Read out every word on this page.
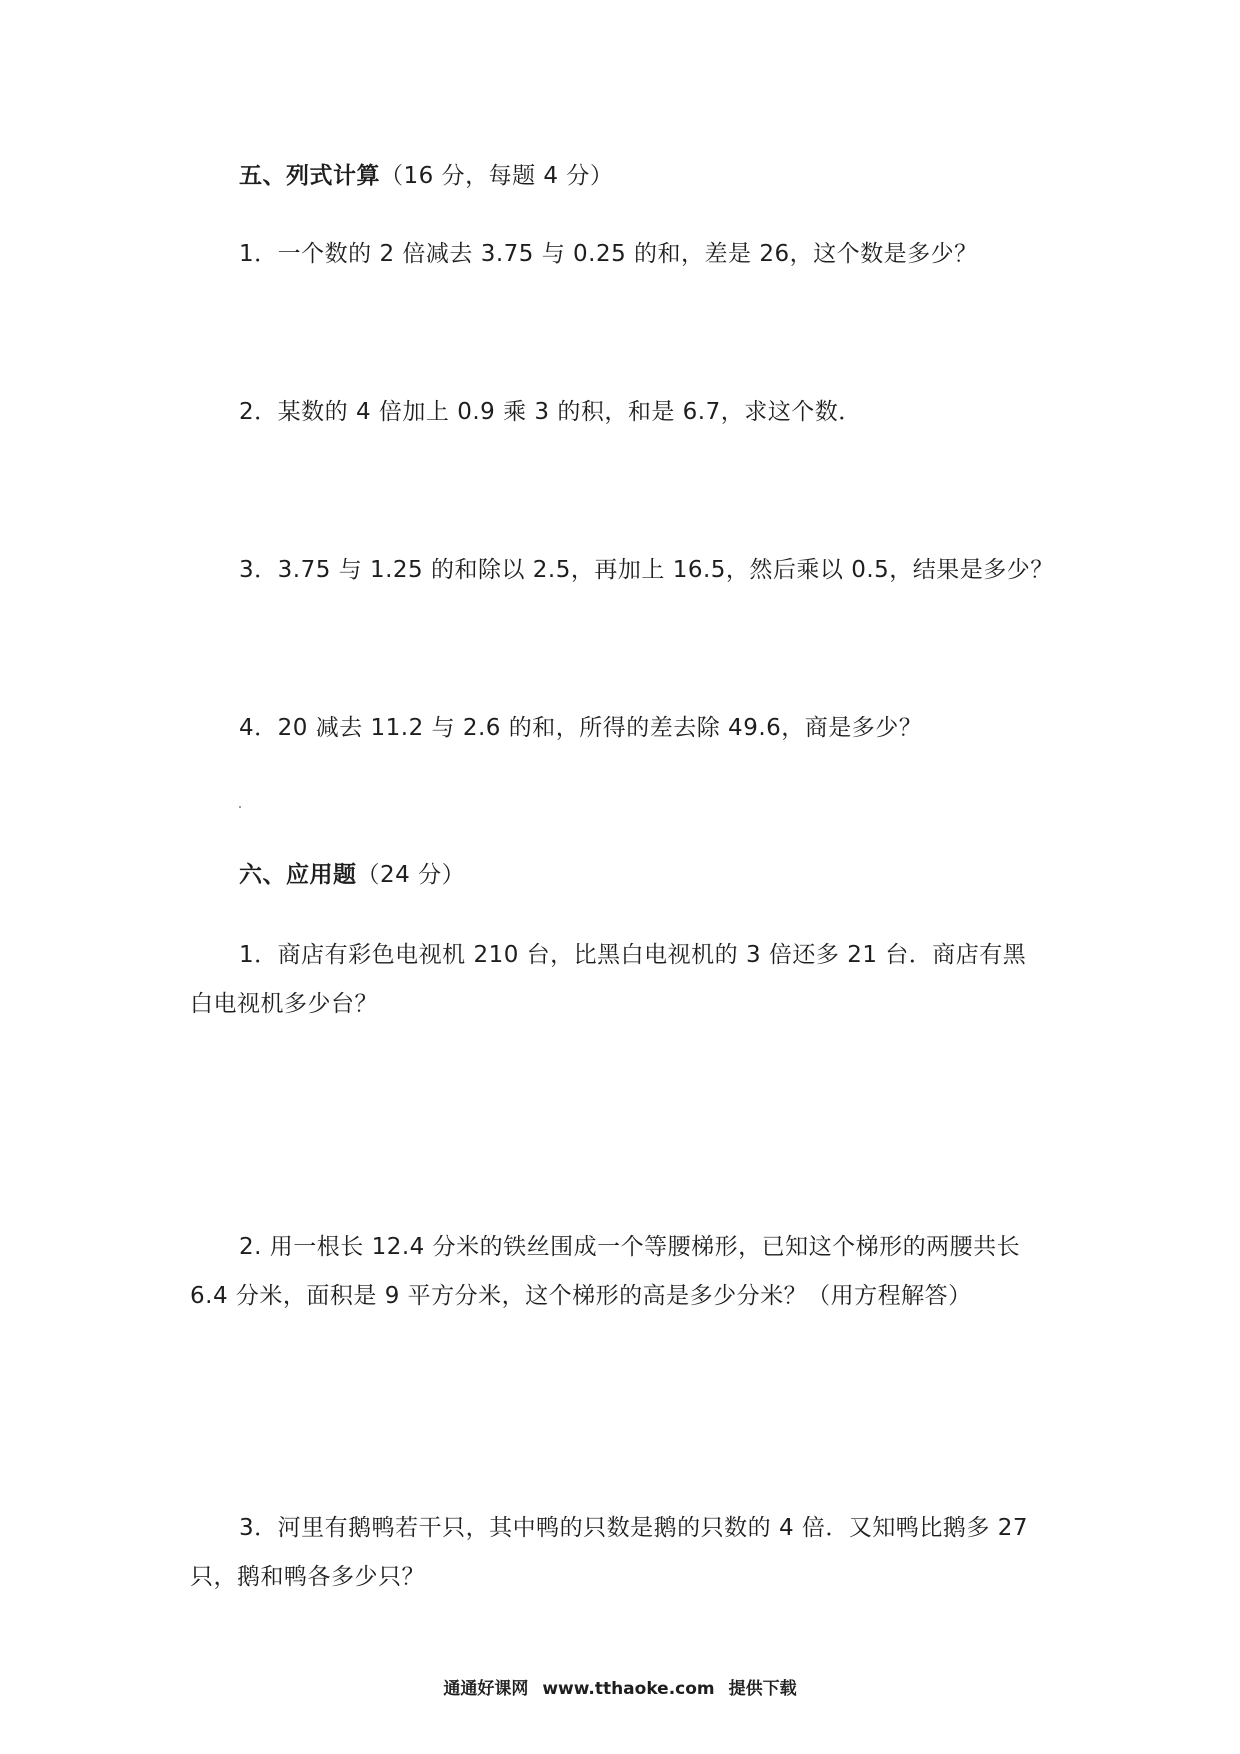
五、列式计算（16 分，每题 4 分）
1．一个数的 2 倍减去 3.75 与 0.25 的和，差是 26，这个数是多少？
2．某数的 4 倍加上 0.9 乘 3 的积，和是 6.7，求这个数．
3．3.75 与 1.25 的和除以 2.5，再加上 16.5，然后乘以 0.5，结果是多少？
4．20 减去 11.2 与 2.6 的和，所得的差去除 49.6，商是多少？
六、应用题（24 分）
1．商店有彩色电视机 210 台，比黑白电视机的 3 倍还多 21 台．商店有黑
白电视机多少台？
2. 用一根长 12.4 分米的铁丝围成一个等腰梯形，已知这个梯形的两腰共长
6.4 分米，面积是 9 平方分米，这个梯形的高是多少分米？（用方程解答）
3．河里有鹅鸭若干只，其中鸭的只数是鹅的只数的 4 倍．又知鸭比鹅多 27
只，鹅和鸭各多少只？
通通好课网 www.tthaoke.com 提供下载
